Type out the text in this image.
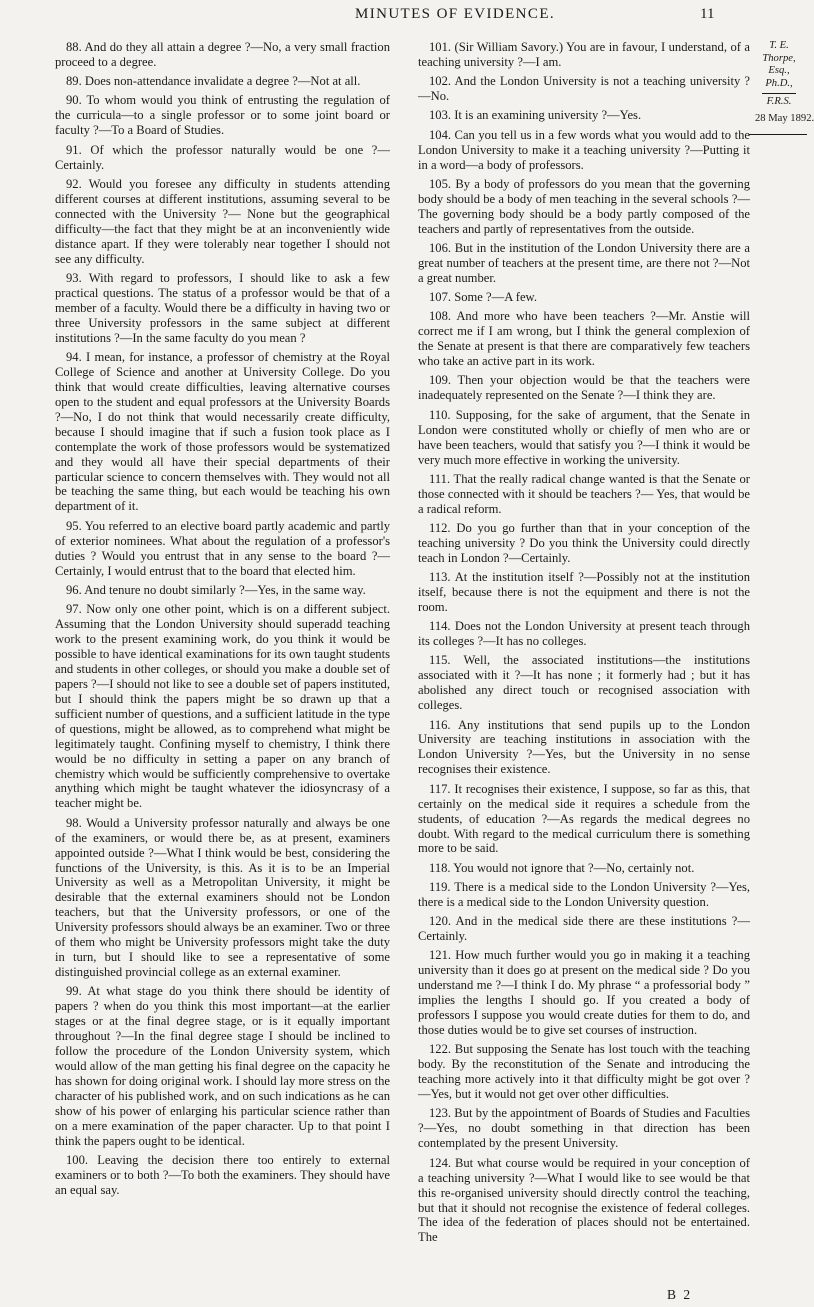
MINUTES OF EVIDENCE.	11

88. And do they all attain a degree ?—No, a very small fraction proceed to a degree.

89. Does non-attendance invalidate a degree ?—Not at all.

90. To whom would you think of entrusting the regulation of the curricula—to a single professor or to some joint board or faculty ?—To a Board of Studies.

91. Of which the professor naturally would be one ?— Certainly.

92. Would you foresee any difficulty in students attending different courses at different institutions, assuming several to be connected with the University ?— None but the geographical difficulty—the fact that they might be at an inconveniently wide distance apart. If they were tolerably near together I should not see any difficulty.

93. With regard to professors, I should like to ask a few practical questions. The status of a professor would be that of a member of a faculty. Would there be a difficulty in having two or three University professors in the same subject at different institutions ?—In the same faculty do you mean ?

94. I mean, for instance, a professor of chemistry at the Royal College of Science and another at University College. Do you think that would create difficulties, leaving alternative courses open to the student and equal professors at the University Boards ?—No, I do not think that would necessarily create difficulty, because I should imagine that if such a fusion took place as I contemplate the work of those professors would be systematized and they would all have their special departments of their particular science to concern themselves with. They would not all be teaching the same thing, but each would be teaching his own department of it.

95. You referred to an elective board partly academic and partly of exterior nominees. What about the regulation of a professor's duties ? Would you entrust that in any sense to the board ?—Certainly, I would entrust that to the board that elected him.

96. And tenure no doubt similarly ?—Yes, in the same way.

97. Now only one other point, which is on a different subject. Assuming that the London University should superadd teaching work to the present examining work, do you think it would be possible to have identical examinations for its own taught students and students in other colleges, or should you make a double set of papers ?—I should not like to see a double set of papers instituted, but I should think the papers might be so drawn up that a sufficient number of questions, and a sufficient latitude in the type of questions, might be allowed, as to comprehend what might be legitimately taught. Confining myself to chemistry, I think there would be no difficulty in setting a paper on any branch of chemistry which would be sufficiently comprehensive to overtake anything which might be taught whatever the idiosyncrasy of a teacher might be.

98. Would a University professor naturally and always be one of the examiners, or would there be, as at present, examiners appointed outside ?—What I think would be best, considering the functions of the University, is this. As it is to be an Imperial University as well as a Metropolitan University, it might be desirable that the external examiners should not be London teachers, but that the University professors, or one of the University professors should always be an examiner. Two or three of them who might be University professors might take the duty in turn, but I should like to see a representative of some distinguished provincial college as an external examiner.

99. At what stage do you think there should be identity of papers ? when do you think this most important—at the earlier stages or at the final degree stage, or is it equally important throughout ?—In the final degree stage I should be inclined to follow the procedure of the London University system, which would allow of the man getting his final degree on the capacity he has shown for doing original work. I should lay more stress on the character of his published work, and on such indications as he can show of his power of enlarging his particular science rather than on a mere examination of the paper character. Up to that point I think the papers ought to be identical.

100. Leaving the decision there too entirely to external examiners or to both ?—To both the examiners. They should have an equal say.

101. (Sir William Savory.) You are in favour, I understand, of a teaching university ?—I am.

102. And the London University is not a teaching university ?—No.

103. It is an examining university ?—Yes.

104. Can you tell us in a few words what you would add to the London University to make it a teaching university ?—Putting it in a word—a body of professors.

105. By a body of professors do you mean that the governing body should be a body of men teaching in the several schools ?—The governing body should be a body partly composed of the teachers and partly of representatives from the outside.

106. But in the institution of the London University there are a great number of teachers at the present time, are there not ?—Not a great number.

107. Some ?—A few.

108. And more who have been teachers ?—Mr. Anstie will correct me if I am wrong, but I think the general complexion of the Senate at present is that there are comparatively few teachers who take an active part in its work.

109. Then your objection would be that the teachers were inadequately represented on the Senate ?—I think they are.

110. Supposing, for the sake of argument, that the Senate in London were constituted wholly or chiefly of men who are or have been teachers, would that satisfy you ?—I think it would be very much more effective in working the university.

111. That the really radical change wanted is that the Senate or those connected with it should be teachers ?— Yes, that would be a radical reform.

112. Do you go further than that in your conception of the teaching university ? Do you think the University could directly teach in London ?—Certainly.

113. At the institution itself ?—Possibly not at the institution itself, because there is not the equipment and there is not the room.

114. Does not the London University at present teach through its colleges ?—It has no colleges.

115. Well, the associated institutions—the institutions associated with it ?—It has none ; it formerly had ; but it has abolished any direct touch or recognised association with colleges.

116. Any institutions that send pupils up to the London University are teaching institutions in association with the London University ?—Yes, but the University in no sense recognises their existence.

117. It recognises their existence, I suppose, so far as this, that certainly on the medical side it requires a schedule from the students, of education ?—As regards the medical degrees no doubt. With regard to the medical curriculum there is something more to be said.

118. You would not ignore that ?—No, certainly not.

119. There is a medical side to the London University ?—Yes, there is a medical side to the London University question.

120. And in the medical side there are these institutions ?—Certainly.

121. How much further would you go in making it a teaching university than it does go at present on the medical side ? Do you understand me ?—I think I do. My phrase “ a professorial body ” implies the lengths I should go. If you created a body of professors I suppose you would create duties for them to do, and those duties would be to give set courses of instruction.

122. But supposing the Senate has lost touch with the teaching body. By the reconstitution of the Senate and introducing the teaching more actively into it that difficulty might be got over ?—Yes, but it would not get over other difficulties.

123. But by the appointment of Boards of Studies and Faculties ?—Yes, no doubt something in that direction has been contemplated by the present University.

124. But what course would be required in your conception of a teaching university ?—What I would like to see would be that this re-organised university should directly control the teaching, but that it should not recognise the existence of federal colleges. The idea of the federation of places should not be entertained. The

T. E. Thorpe,
Esq., Ph.D.,
F.R.S.
28 May 1892.
B 2
